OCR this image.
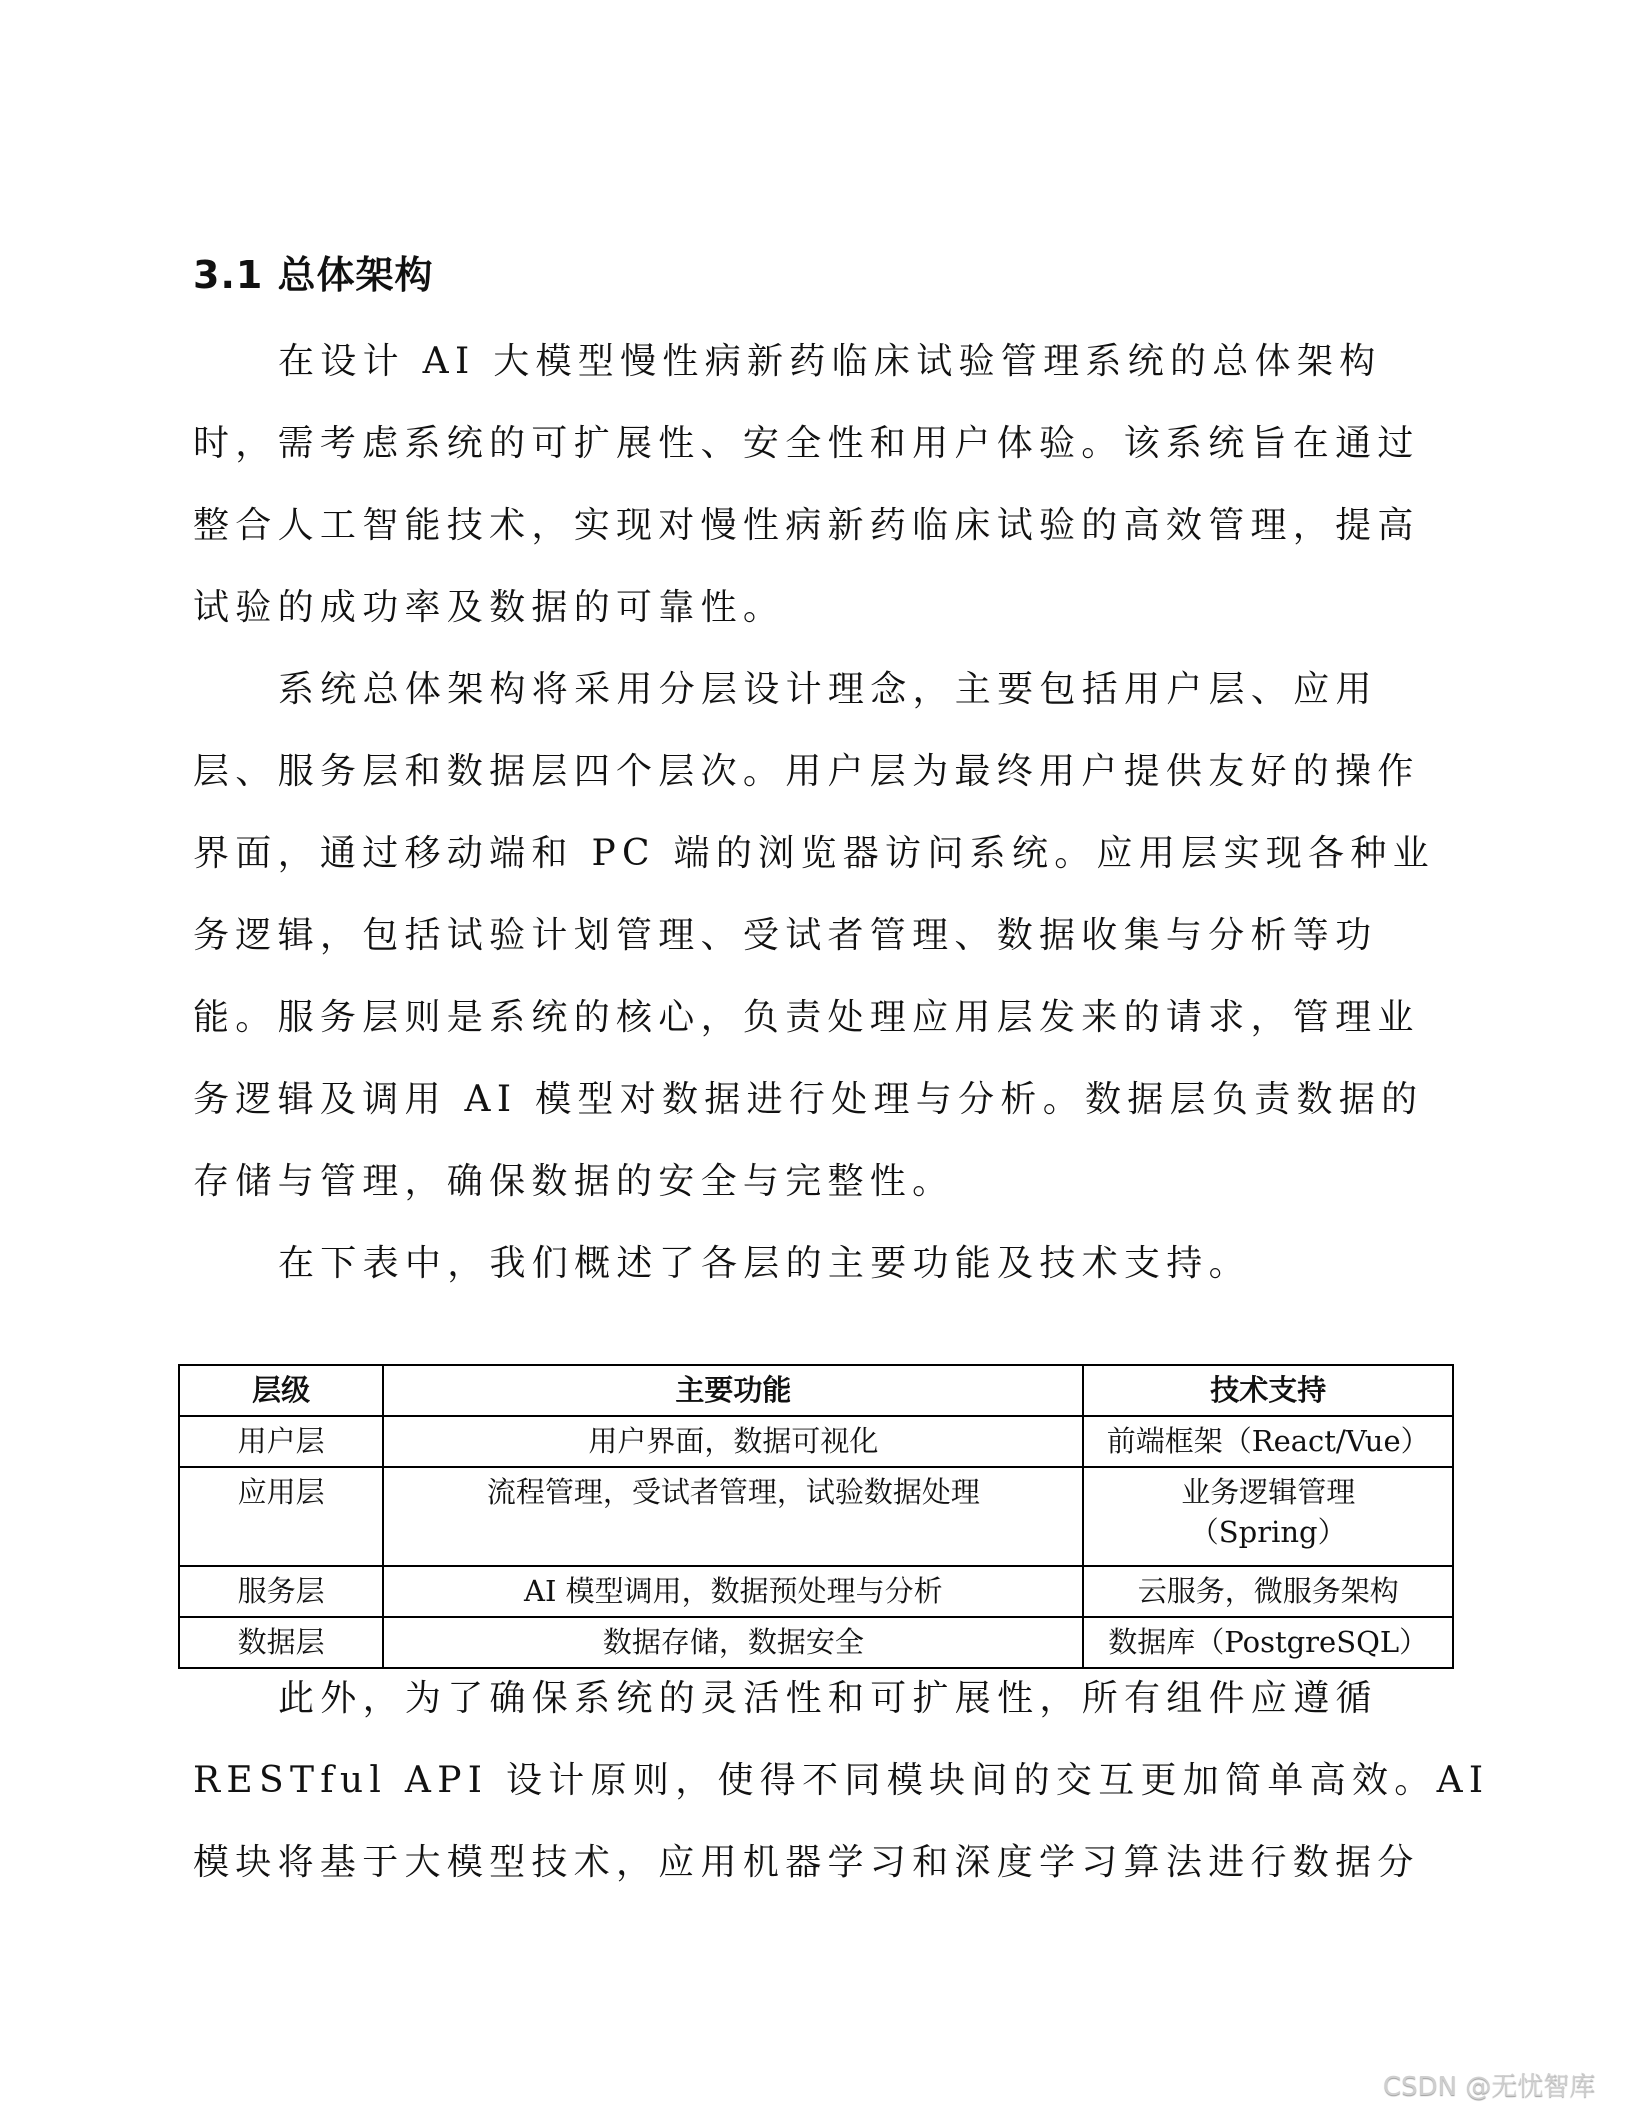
3.1 总体架构
在设计 AI 大模型慢性病新药临床试验管理系统的总体架构
时，需考虑系统的可扩展性、安全性和用户体验。该系统旨在通过
整合人工智能技术，实现对慢性病新药临床试验的高效管理，提高
试验的成功率及数据的可靠性。
系统总体架构将采用分层设计理念，主要包括用户层、应用
层、服务层和数据层四个层次。用户层为最终用户提供友好的操作
界面，通过移动端和 PC 端的浏览器访问系统。应用层实现各种业
务逻辑，包括试验计划管理、受试者管理、数据收集与分析等功
能。服务层则是系统的核心，负责处理应用层发来的请求，管理业
务逻辑及调用 AI 模型对数据进行处理与分析。数据层负责数据的
存储与管理，确保数据的安全与完整性。
在下表中，我们概述了各层的主要功能及技术支持。
层级	主要功能	技术支持
用户层	用户界面，数据可视化	前端框架（React/Vue）
应用层	流程管理，受试者管理，试验数据处理	业务逻辑管理
（Spring）

服务层	AI 模型调用，数据预处理与分析	云服务，微服务架构
数据层	数据存储，数据安全	数据库（PostgreSQL）
此外，为了确保系统的灵活性和可扩展性，所有组件应遵循
RESTful API 设计原则，使得不同模块间的交互更加简单高效。AI
模块将基于大模型技术，应用机器学习和深度学习算法进行数据分
CSDN @无忧智库
